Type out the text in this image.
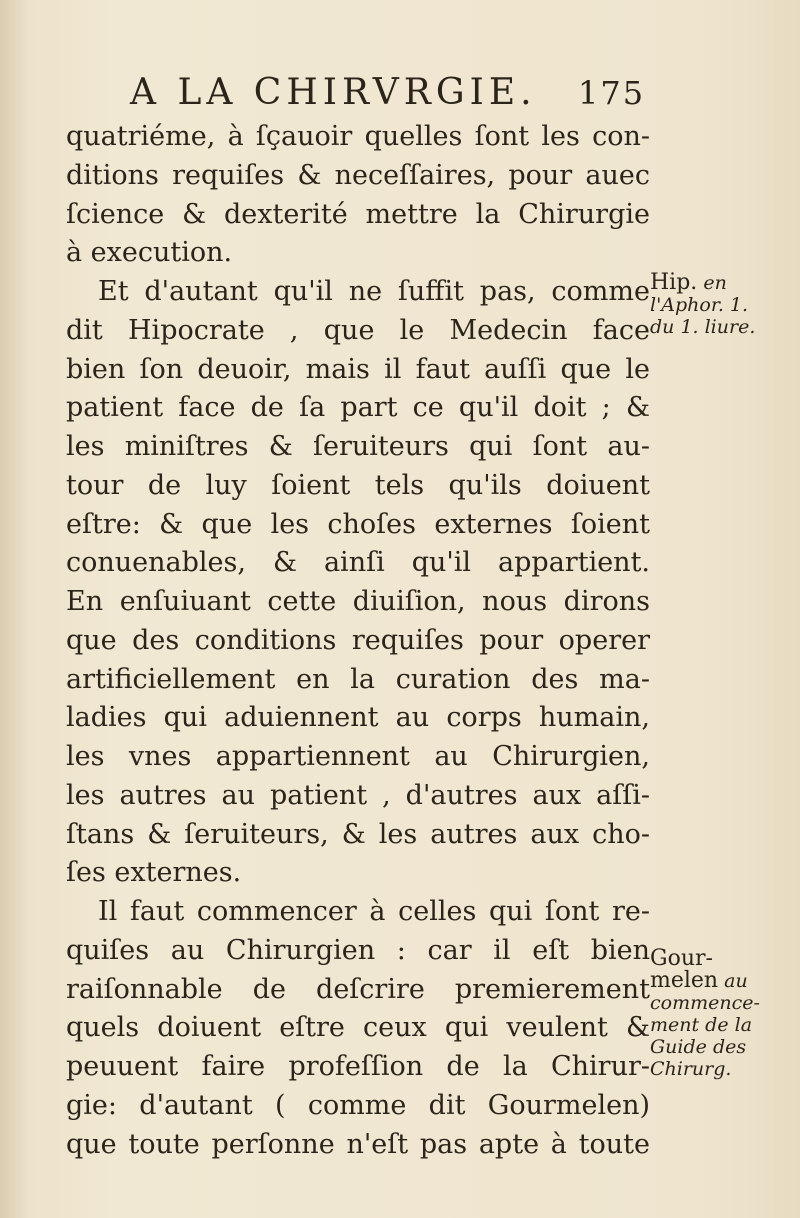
A LA CHIRVRGIE. 175
quatriéme, à ſçauoir quelles ſont les con-
ditions requiſes & neceſſaires, pour auec
ſcience & dexterité mettre la Chirurgie
à execution.
Et d'autant qu'il ne ſuffit pas, comme
dit Hipocrate , que le Medecin face
bien ſon deuoir, mais il faut auſſi que le
patient face de ſa part ce qu'il doit ; &
les miniſtres & ſeruiteurs qui ſont au-
tour de luy ſoient tels qu'ils doiuent
eſtre: & que les choſes externes ſoient
conuenables, & ainſi qu'il appartient.
En enſuiuant cette diuiſion, nous dirons
que des conditions requiſes pour operer
artificiellement en la curation des ma-
ladies qui aduiennent au corps humain,
les vnes appartiennent au Chirurgien,
les autres au patient , d'autres aux aſſi-
ſtans & ſeruiteurs, & les autres aux cho-
ſes externes.
Il faut commencer à celles qui ſont re-
quiſes au Chirurgien : car il eſt bien
raiſonnable de deſcrire premierement
quels doiuent eſtre ceux qui veulent &
peuuent faire profeſſion de la Chirur-
gie: d'autant ( comme dit Gourmelen)
que toute perſonne n'eſt pas apte à toute
Hip. en
l'Aphor. 1.
du 1. liure.
Gour-
melen au
commence-
ment de la
Guide des
Chirurg.
